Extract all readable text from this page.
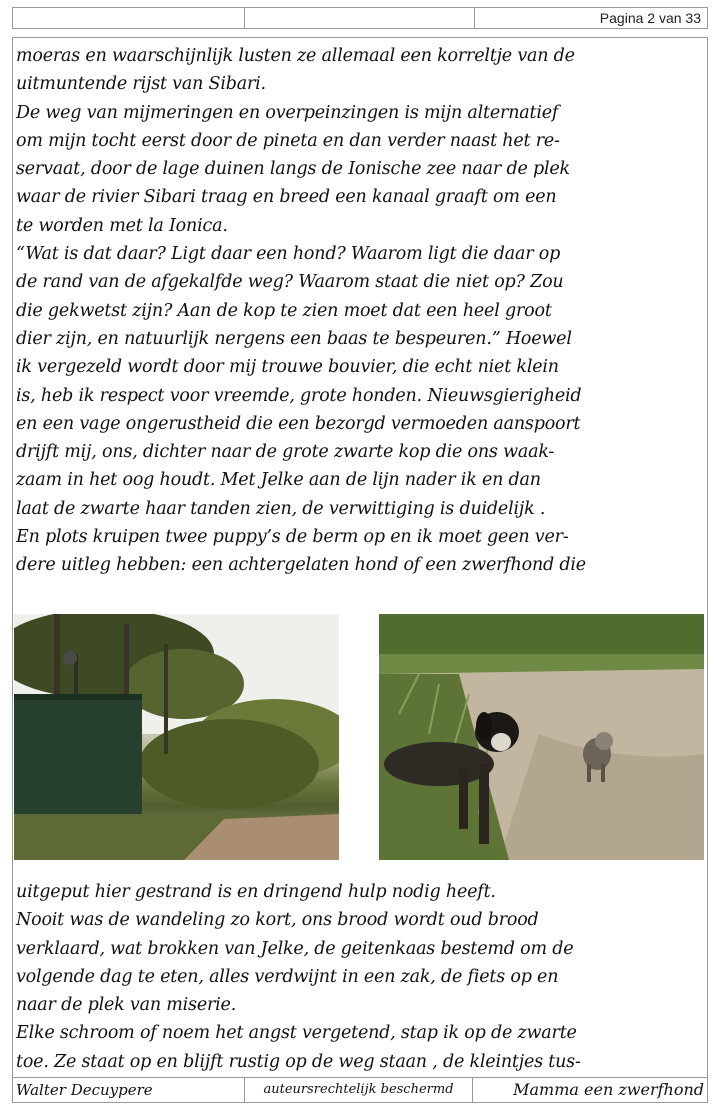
Pagina 2 van 33
moeras en waarschijnlijk lusten ze allemaal een korreltje van de
uitmuntende rijst van Sibari.
De weg van mijmeringen en overpeinzingen is mijn alternatief
om mijn tocht eerst door de pineta en dan verder naast het re-
servaat, door de lage duinen langs de Ionische zee naar de plek
waar de rivier Sibari traag en breed een kanaal graaft om een
te worden met la Ionica.
“Wat is dat daar? Ligt daar een hond? Waarom ligt die daar op
de rand van de afgekalfde weg? Waarom staat die niet op? Zou
die gekwetst zijn? Aan de kop te zien moet dat een heel groot
dier zijn, en natuurlijk nergens een baas te bespeuren.” Hoewel
ik vergezeld wordt door mij trouwe bouvier, die echt niet klein
is, heb ik respect voor vreemde, grote honden. Nieuwsgierigheid
en een vage ongerustheid die een bezorgd vermoeden aanspoort
drijft mij, ons, dichter naar de grote zwarte kop die ons waak-
zaam in het oog houdt. Met Jelke aan de lijn nader ik en dan
laat de zwarte haar tanden zien, de verwittiging is duidelijk .
En plots kruipen twee puppy’s de berm op en ik moet geen ver-
dere uitleg hebben: een achtergelaten hond of een zwerfhond die
uitgeput hier gestrand is en dringend hulp nodig heeft.
Nooit was de wandeling zo kort, ons brood wordt oud brood
verklaard, wat brokken van Jelke, de geitenkaas bestemd om de
volgende dag te eten, alles verdwijnt in een zak, de fiets op en
naar de plek van miserie.
Elke schroom of noem het angst vergetend, stap ik op de zwarte
toe. Ze staat op en blijft rustig op de weg staan , de kleintjes tus-
Walter Decuypere	auteursrechtelijk beschermd	Mamma een zwerfhond
